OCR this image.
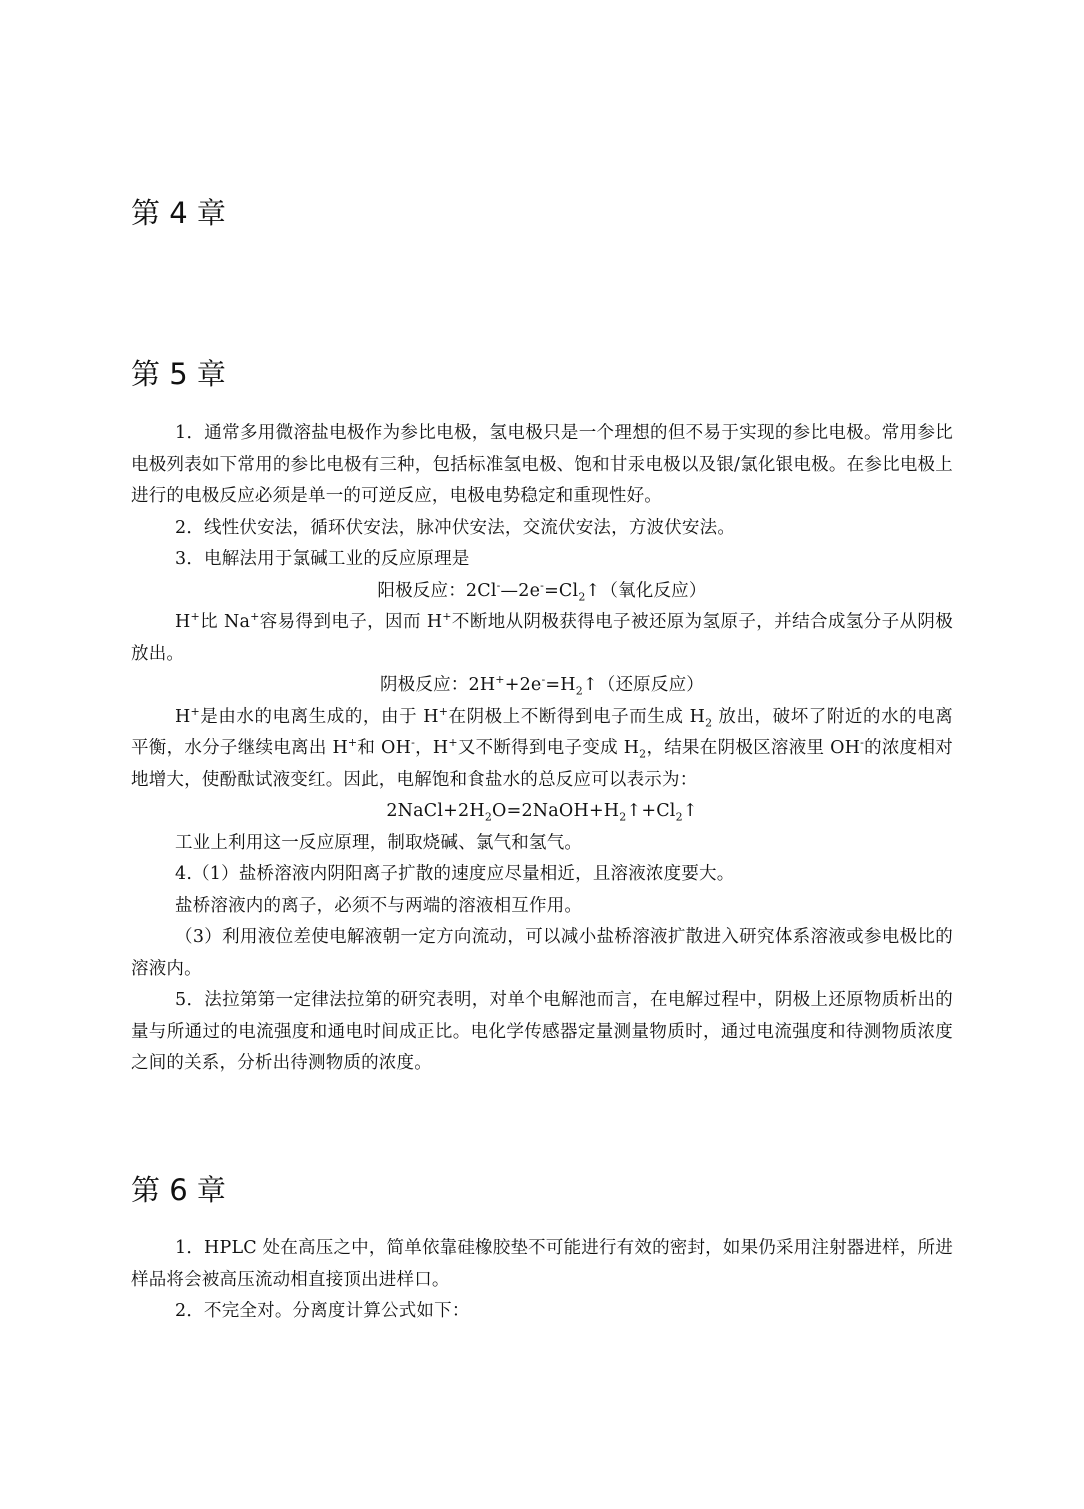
第 4 章
第 5 章

1．通常多用微溶盐电极作为参比电极，氢电极只是一个理想的但不易于实现的参比电极。常用参比电极列表如下常用的参比电极有三种，包括标准氢电极、饱和甘汞电极以及银/氯化银电极。在参比电极上进行的电极反应必须是单一的可逆反应，电极电势稳定和重现性好。

2．线性伏安法，循环伏安法，脉冲伏安法，交流伏安法，方波伏安法。

3．电解法用于氯碱工业的反应原理是

阳极反应：$2Cl^-—2e^-=Cl_2↑$（氧化反应）

H+比 Na+容易得到电子，因而 H+不断地从阴极获得电子被还原为氢原子，并结合成氢分子从阴极放出。

阴极反应：$2H^++2e^-=H_2↑$（还原反应）

H+是由水的电离生成的，由于 H+在阴极上不断得到电子而生成 $H_2$ 放出，破坏了附近的水的电离平衡，水分子继续电离出 H+和 OH-，H+又不断得到电子变成 $H_2$，结果在阴极区溶液里 OH-的浓度相对地增大，使酚酞试液变红。因此，电解饱和食盐水的总反应可以表示为：

$2NaCl+2H_2O=2NaOH+H_2↑+Cl_2↑$

工业上利用这一反应原理，制取烧碱、氯气和氢气。

4.（1）盐桥溶液内阴阳离子扩散的速度应尽量相近，且溶液浓度要大。

盐桥溶液内的离子，必须不与两端的溶液相互作用。

（3）利用液位差使电解液朝一定方向流动，可以减小盐桥溶液扩散进入研究体系溶液或参电极比的溶液内。

5．法拉第第一定律法拉第的研究表明，对单个电解池而言，在电解过程中，阴极上还原物质析出的量与所通过的电流强度和通电时间成正比。电化学传感器定量测量物质时，通过电流强度和待测物质浓度之间的关系，分析出待测物质的浓度。

第 6 章

1．HPLC 处在高压之中，简单依靠硅橡胶垫不可能进行有效的密封，如果仍采用注射器进样，所进样品将会被高压流动相直接顶出进样口。

2．不完全对。分离度计算公式如下：
